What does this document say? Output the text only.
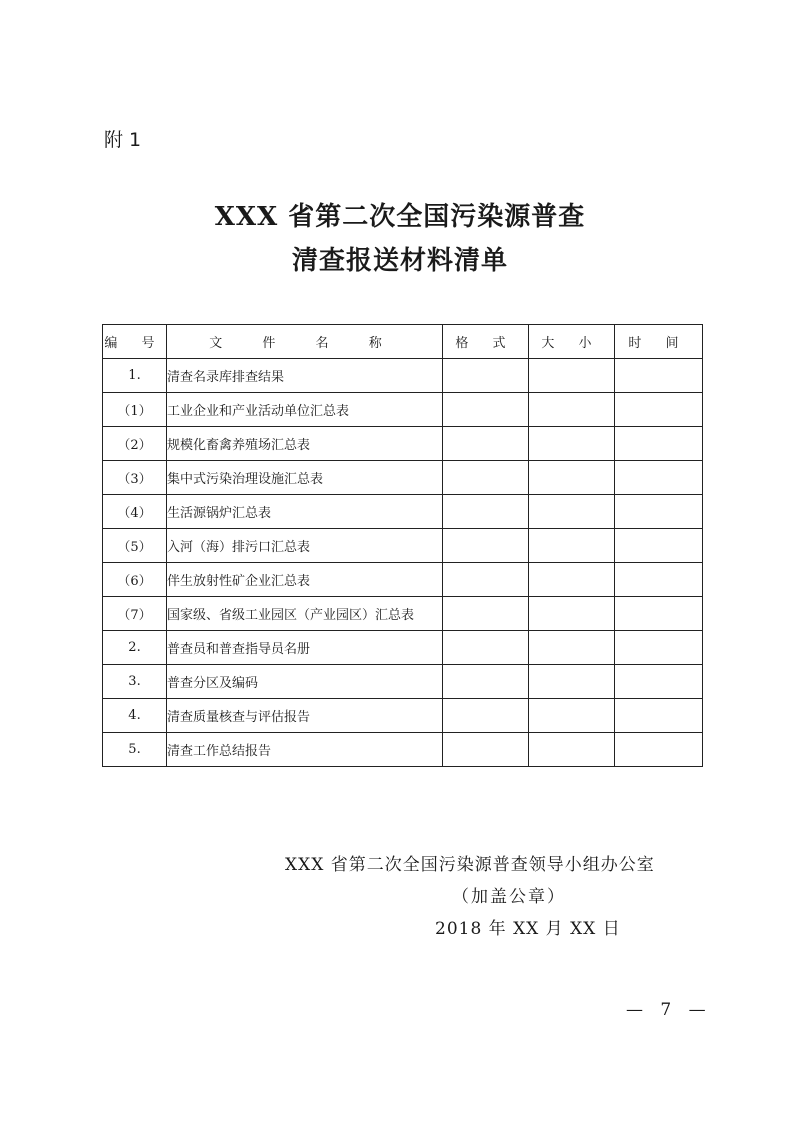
附 1
XXX 省第二次全国污染源普查
清查报送材料清单
编 号	文 件 名 称	格 式	大 小	时 间
1.	清查名录库排查结果			
（1）	工业企业和产业活动单位汇总表			
（2）	规模化畜禽养殖场汇总表			
（3）	集中式污染治理设施汇总表			
（4）	生活源锅炉汇总表			
（5）	入河（海）排污口汇总表			
（6）	伴生放射性矿企业汇总表			
（7）	国家级、省级工业园区（产业园区）汇总表			
2.	普查员和普查指导员名册			
3.	普查分区及编码			
4.	清查质量核查与评估报告			
5.	清查工作总结报告			
XXX 省第二次全国污染源普查领导小组办公室
（加盖公章）
2018 年 XX 月 XX 日
— 7 —
